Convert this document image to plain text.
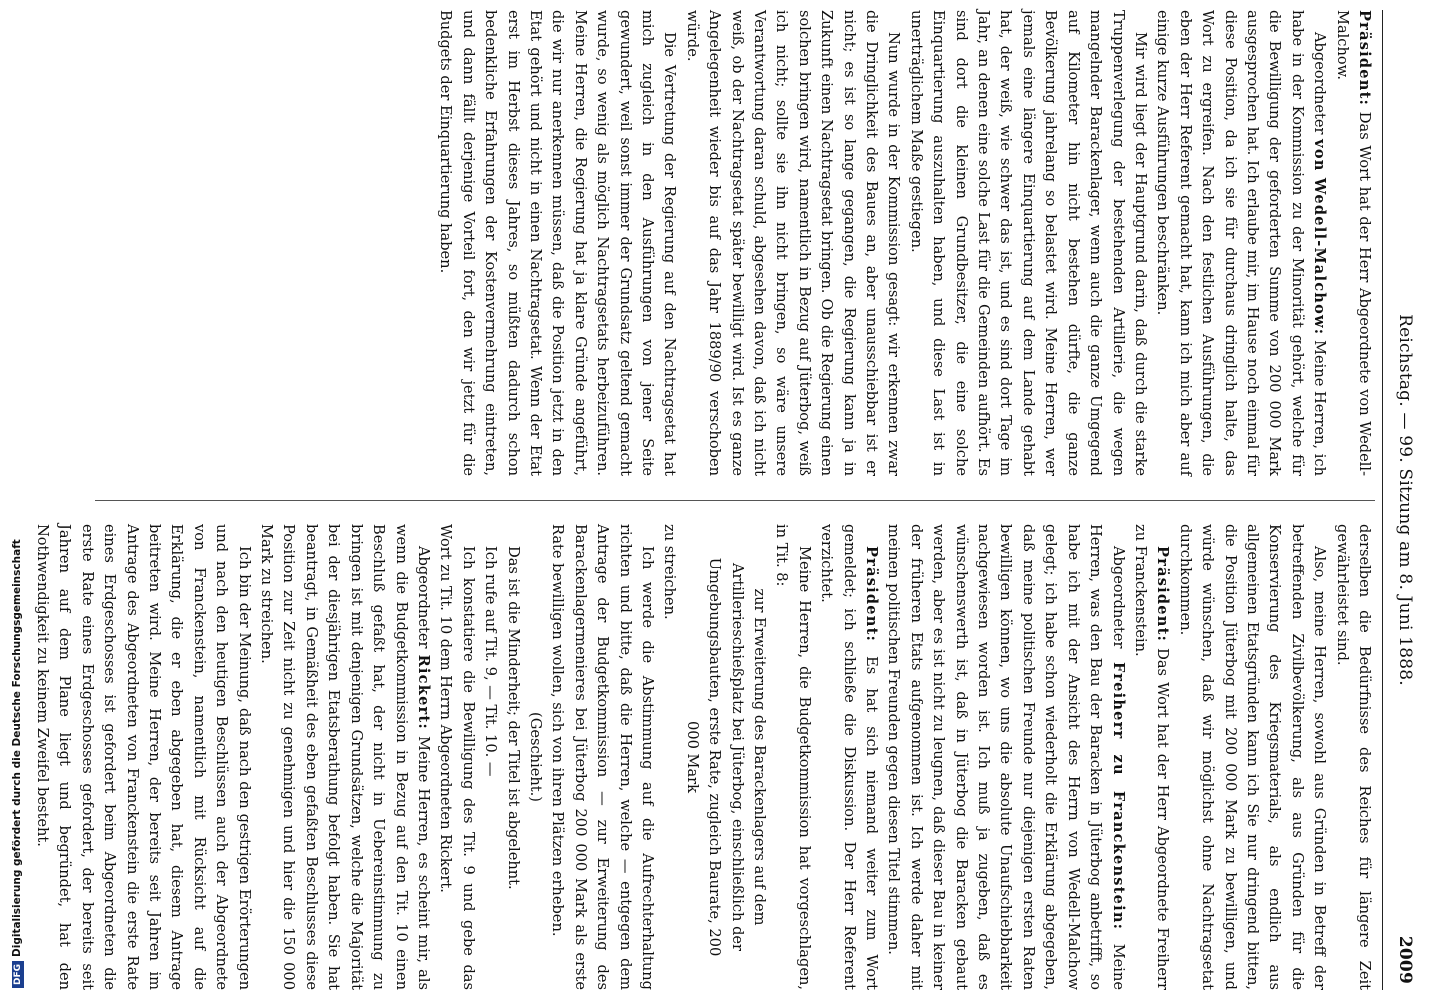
DFGDigitalisierung gefördert durch die Deutsche Forschungsgemeinschaft
Reichstag. — 99. Sitzung am 8. Juni 1888.
2009

Präsident: Das Wort hat der Herr Abgeordnete von Wedell-Malchow.

Abgeordneter von Wedell-Malchow: Meine Herren, ich habe in der Kommission zu der Minorität gehört, welche für die Bewilligung der geforderten Summe von 200 000 Mark ausgesprochen hat. Ich erlaube mir, im Hause noch einmal für diese Position, da ich sie für durchaus dringlich halte, das Wort zu ergreifen. Nach den festlichen Ausführungen, die eben der Herr Referent gemacht hat, kann ich mich aber auf einige kurze Ausführungen beschränken.

Mir wird liegt der Hauptgrund darin, daß durch die starke Truppenverlegung der bestehenden Artillerie, die wegen mangelnder Barackenlager, wenn auch die ganze Umgegend auf Kilometer hin nicht bestehen dürfte, die ganze Bevölkerung jahrelang so belastet wird. Meine Herren, wer jemals eine längere Einquartierung auf dem Lande gehabt hat, der weiß, wie schwer das ist, und es sind dort Tage im Jahr, an denen eine solche Last für die Gemeinden aufhört. Es sind dort die kleinen Grundbesitzer, die eine solche Einquartierung auszuhalten haben, und diese Last ist in unerträglichem Maße gestiegen.

Nun wurde in der Kommission gesagt: wir erkennen zwar die Dringlichkeit des Baues an, aber unausschiebbar ist er nicht; es ist so lange gegangen, die Regierung kann ja in Zukunft einen Nachtragsetat bringen. Ob die Regierung einen solchen bringen wird, namentlich in Bezug auf Jüterbog, weiß ich nicht; sollte sie ihn nicht bringen, so wäre unsere Verantwortung daran schuld, abgesehen davon, daß ich nicht weiß, ob der Nachtragsetat später bewilligt wird. Ist es ganze Angelegenheit wieder bis auf das Jahr 1889/90 verschoben würde.

Die Vertretung der Regierung auf den Nachtragsetat hat mich zugleich in den Ausführungen von jener Seite gewundert, weil sonst immer der Grundsatz geltend gemacht wurde, so wenig als möglich Nachtragsetats herbeizuführen. Meine Herren, die Regierung hat ja klare Gründe angeführt, die wir nur anerkennen müssen, daß die Position jetzt in den Etat gehört und nicht in einen Nachtragsetat. Wenn der Etat erst im Herbst dieses Jahres, so müßten dadurch schon bedenkliche Erfahrungen der Kostenvermehrung eintreten, und dann fällt derjenige Vorteil fort, den wir jetzt für die Budgets der Einquartierung haben.

derselben die Bedürfnisse des Reiches für längere Zeit gewährleistet sind.

Also, meine Herren, sowohl aus Gründen in Betreff der betreffenden Zivilbevölkerung, als aus Gründen für die Konservierung des Kriegsmaterials, als endlich aus allgemeinen Etatsgründen kann ich Sie nur dringend bitten, die Position Jüterbog mit 200 000 Mark zu bewilligen, und würde wünschen, daß wir möglichst ohne Nachtragsetat durchkommen.

Präsident: Das Wort hat der Herr Abgeordnete Freiherr zu Franckenstein.

Abgeordneter Freiherr zu Franckenstein: Meine Herren, was den Bau der Baracken in Jüterbog anbetrifft, so habe ich mit der Ansicht des Herrn von Wedell-Malchow gelegt; ich habe schon wiederholt die Erklärung abgegeben, daß meine politischen Freunde nur diejenigen ersten Raten bewilligen können, wo uns die absolute Unaufschiebbarkeit nachgewiesen worden ist. Ich muß ja zugeben, daß es wünschenswerth ist, daß in Jüterbog die Baracken gebaut werden, aber es ist nicht zu leugnen, daß dieser Bau in keiner der früheren Etats aufgenommen ist. Ich werde daher mit meinen politischen Freunden gegen diesen Titel stimmen.

Präsident: Es hat sich niemand weiter zum Wort gemeldet; ich schließe die Diskussion. Der Herr Referent verzichtet.

Meine Herren, die Budgetkommission hat vorgeschlagen, in Tit. 8:

zur Erweiterung des Barackenlagers auf dem Artillerieschießplatz bei Jüterbog, einschließlich der Umgebungsbauten, erste Rate, zugleich Baurate, 200 000 Mark

zu streichen.

Ich werde die Abstimmung auf die Aufrechterhaltung richten und bitte, daß die Herren, welche — entgegen dem Antrage der Budgetkommission — zur Erweiterung des Barackenlagermenieres bei Jüterbog 200 000 Mark als erste Rate bewilligen wollen, sich von ihren Plätzen erheben.

(Geschieht.)

Das ist die Minderheit; der Titel ist abgelehnt.

Ich rufe auf Tit. 9, — Tit. 10. —

Ich konstatiere die Bewilligung des Tit. 9 und gebe das Wort zu Tit. 10 dem Herrn Abgeordneten Rickert.

Abgeordneter Rickert: Meine Herren, es scheint mir, als wenn die Budgetkommission in Bezug auf den Tit. 10 einen Beschluß gefaßt hat, der nicht in Uebereinstimmung zu bringen ist mit denjenigen Grundsätzen, welche die Majorität bei der diesjährigen Etatsberathung befolgt haben. Sie hat beantragt, in Gemäßheit des eben gefaßten Beschlusses diese Position zur Zeit nicht zu genehmigen und hier die 150 000 Mark zu streichen.

Ich bin der Meinung, daß nach den gestrigen Erörterungen und nach den heutigen Beschlüssen auch der Abgeordnete von Franckenstein, namentlich mit Rücksicht auf die Erklärung, die er eben abgegeben hat, diesem Antrage beitreten wird. Meine Herren, der bereits seit Jahren im Antrage des Abgeordneten von Franckenstein die erste Rate eines Erdgeschosses ist gefordert beim Abgeordneten die erste Rate eines Erdgeschosses gefordert, der bereits seit Jahren auf dem Plane liegt und begründet, hat den Nothwendigkeit zu keinem Zweifel besteht.
